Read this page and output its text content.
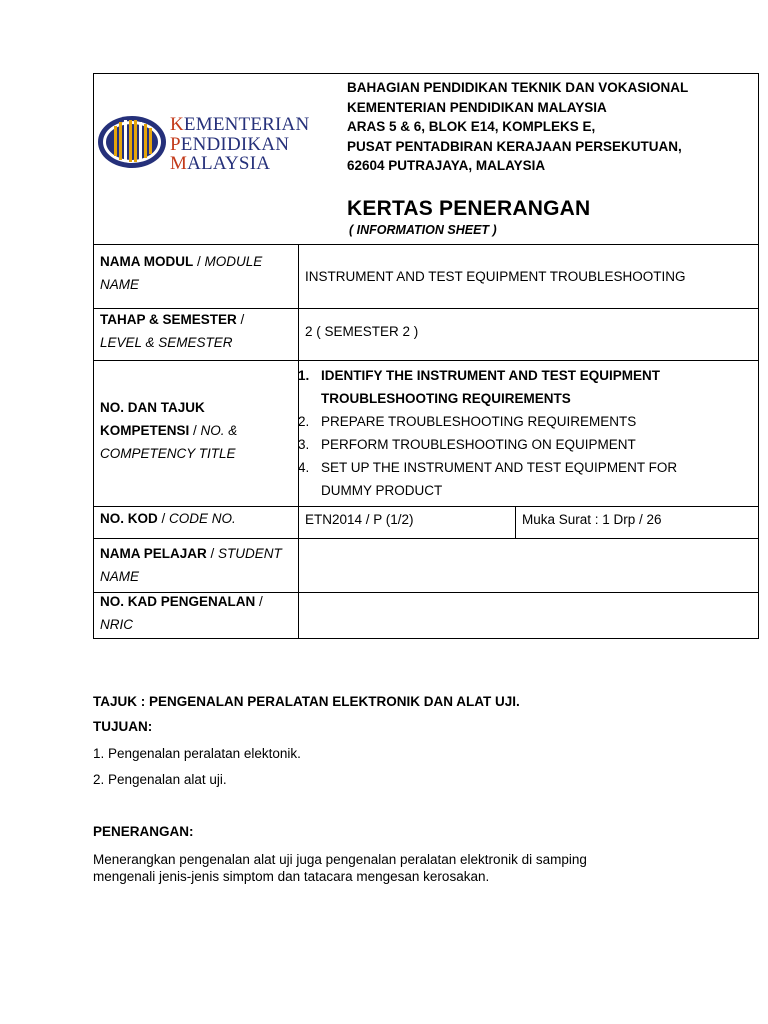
KEMENTERIAN
PENDIDIKAN
MALAYSIA
BAHAGIAN PENDIDIKAN TEKNIK DAN VOKASIONAL
KEMENTERIAN PENDIDIKAN MALAYSIA
ARAS 5 & 6, BLOK E14, KOMPLEKS E,
PUSAT PENTADBIRAN KERAJAAN PERSEKUTUAN,
62604 PUTRAJAYA, MALAYSIA
KERTAS PENERANGAN
( INFORMATION SHEET )
NAMA MODUL / MODULE
NAME
INSTRUMENT AND TEST EQUIPMENT TROUBLESHOOTING
TAHAP & SEMESTER /
LEVEL & SEMESTER
2 ( SEMESTER 2 )
NO. DAN TAJUK
KOMPETENSI / NO. &
COMPETENCY TITLE
1. IDENTIFY THE INSTRUMENT AND TEST EQUIPMENT
TROUBLESHOOTING REQUIREMENTS
2. PREPARE TROUBLESHOOTING REQUIREMENTS
3. PERFORM TROUBLESHOOTING ON EQUIPMENT
4. SET UP THE INSTRUMENT AND TEST EQUIPMENT FOR
DUMMY PRODUCT
NO. KOD / CODE NO.	ETN2014 / P (1/2)	Muka Surat : 1 Drp / 26
NAMA PELAJAR / STUDENT
NAME
NO. KAD PENGENALAN /
NRIC
TAJUK : PENGENALAN PERALATAN ELEKTRONIK DAN ALAT UJI.
TUJUAN:
1. Pengenalan peralatan elektonik.
2. Pengenalan alat uji.
PENERANGAN:
Menerangkan pengenalan alat uji juga pengenalan peralatan elektronik di samping
mengenali jenis-jenis simptom dan tatacara mengesan kerosakan.
